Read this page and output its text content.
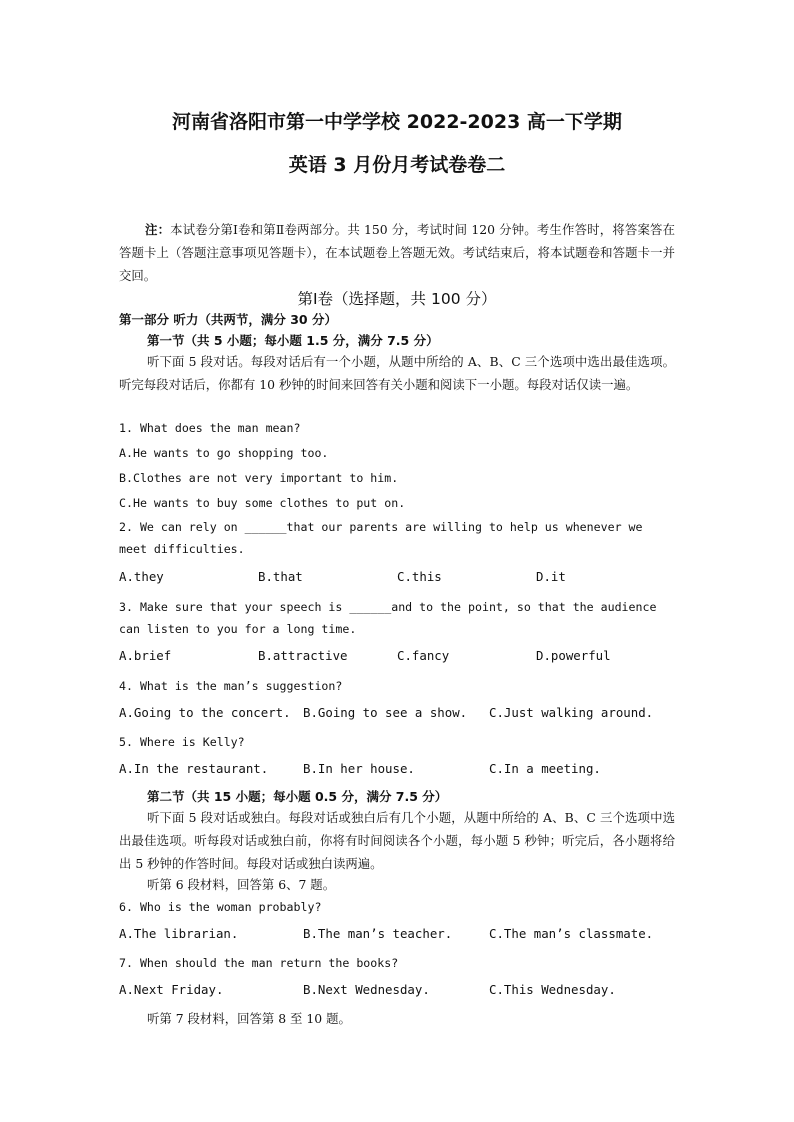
河南省洛阳市第一中学学校 2022-2023 高一下学期
英语 3 月份月考试卷卷二
注：本试卷分第Ⅰ卷和第Ⅱ卷两部分。共 150 分，考试时间 120 分钟。考生作答时，将答案答在答题卡上（答题注意事项见答题卡），在本试题卷上答题无效。考试结束后，将本试题卷和答题卡一并交回。
第Ⅰ卷（选择题，共 100 分）
第一部分 听力（共两节，满分 30 分）
第一节（共 5 小题；每小题 1.5 分，满分 7.5 分）
听下面 5 段对话。每段对话后有一个小题，从题中所给的 A、B、C 三个选项中选出最佳选项。听完每段对话后，你都有 10 秒钟的时间来回答有关小题和阅读下一小题。每段对话仅读一遍。
1. What does the man mean?
A.He wants to go shopping too.
B.Clothes are not very important to him.
C.He wants to buy some clothes to put on.
2. We can rely on ______that our parents are willing to help us whenever we meet difficulties.
A.they	B.that	C.this	D.it
3. Make sure that your speech is ______and to the point, so that the audience can listen to you for a long time.
A.brief	B.attractive	C.fancy	D.powerful
4. What is the man’s suggestion?
A.Going to the concert.	B.Going to see a show.	C.Just walking around.
5. Where is Kelly?
A.In the restaurant.	B.In her house.	C.In a meeting.
第二节（共 15 小题；每小题 0.5 分，满分 7.5 分）
听下面 5 段对话或独白。每段对话或独白后有几个小题，从题中所给的 A、B、C 三个选项中选出最佳选项。听每段对话或独白前，你将有时间阅读各个小题，每小题 5 秒钟；听完后，各小题将给出 5 秒钟的作答时间。每段对话或独白读两遍。
听第 6 段材料，回答第 6、7 题。
6. Who is the woman probably?
A.The librarian.	B.The man’s teacher.	C.The man’s classmate.
7. When should the man return the books?
A.Next Friday.	B.Next Wednesday.	C.This Wednesday.
听第 7 段材料，回答第 8 至 10 题。
